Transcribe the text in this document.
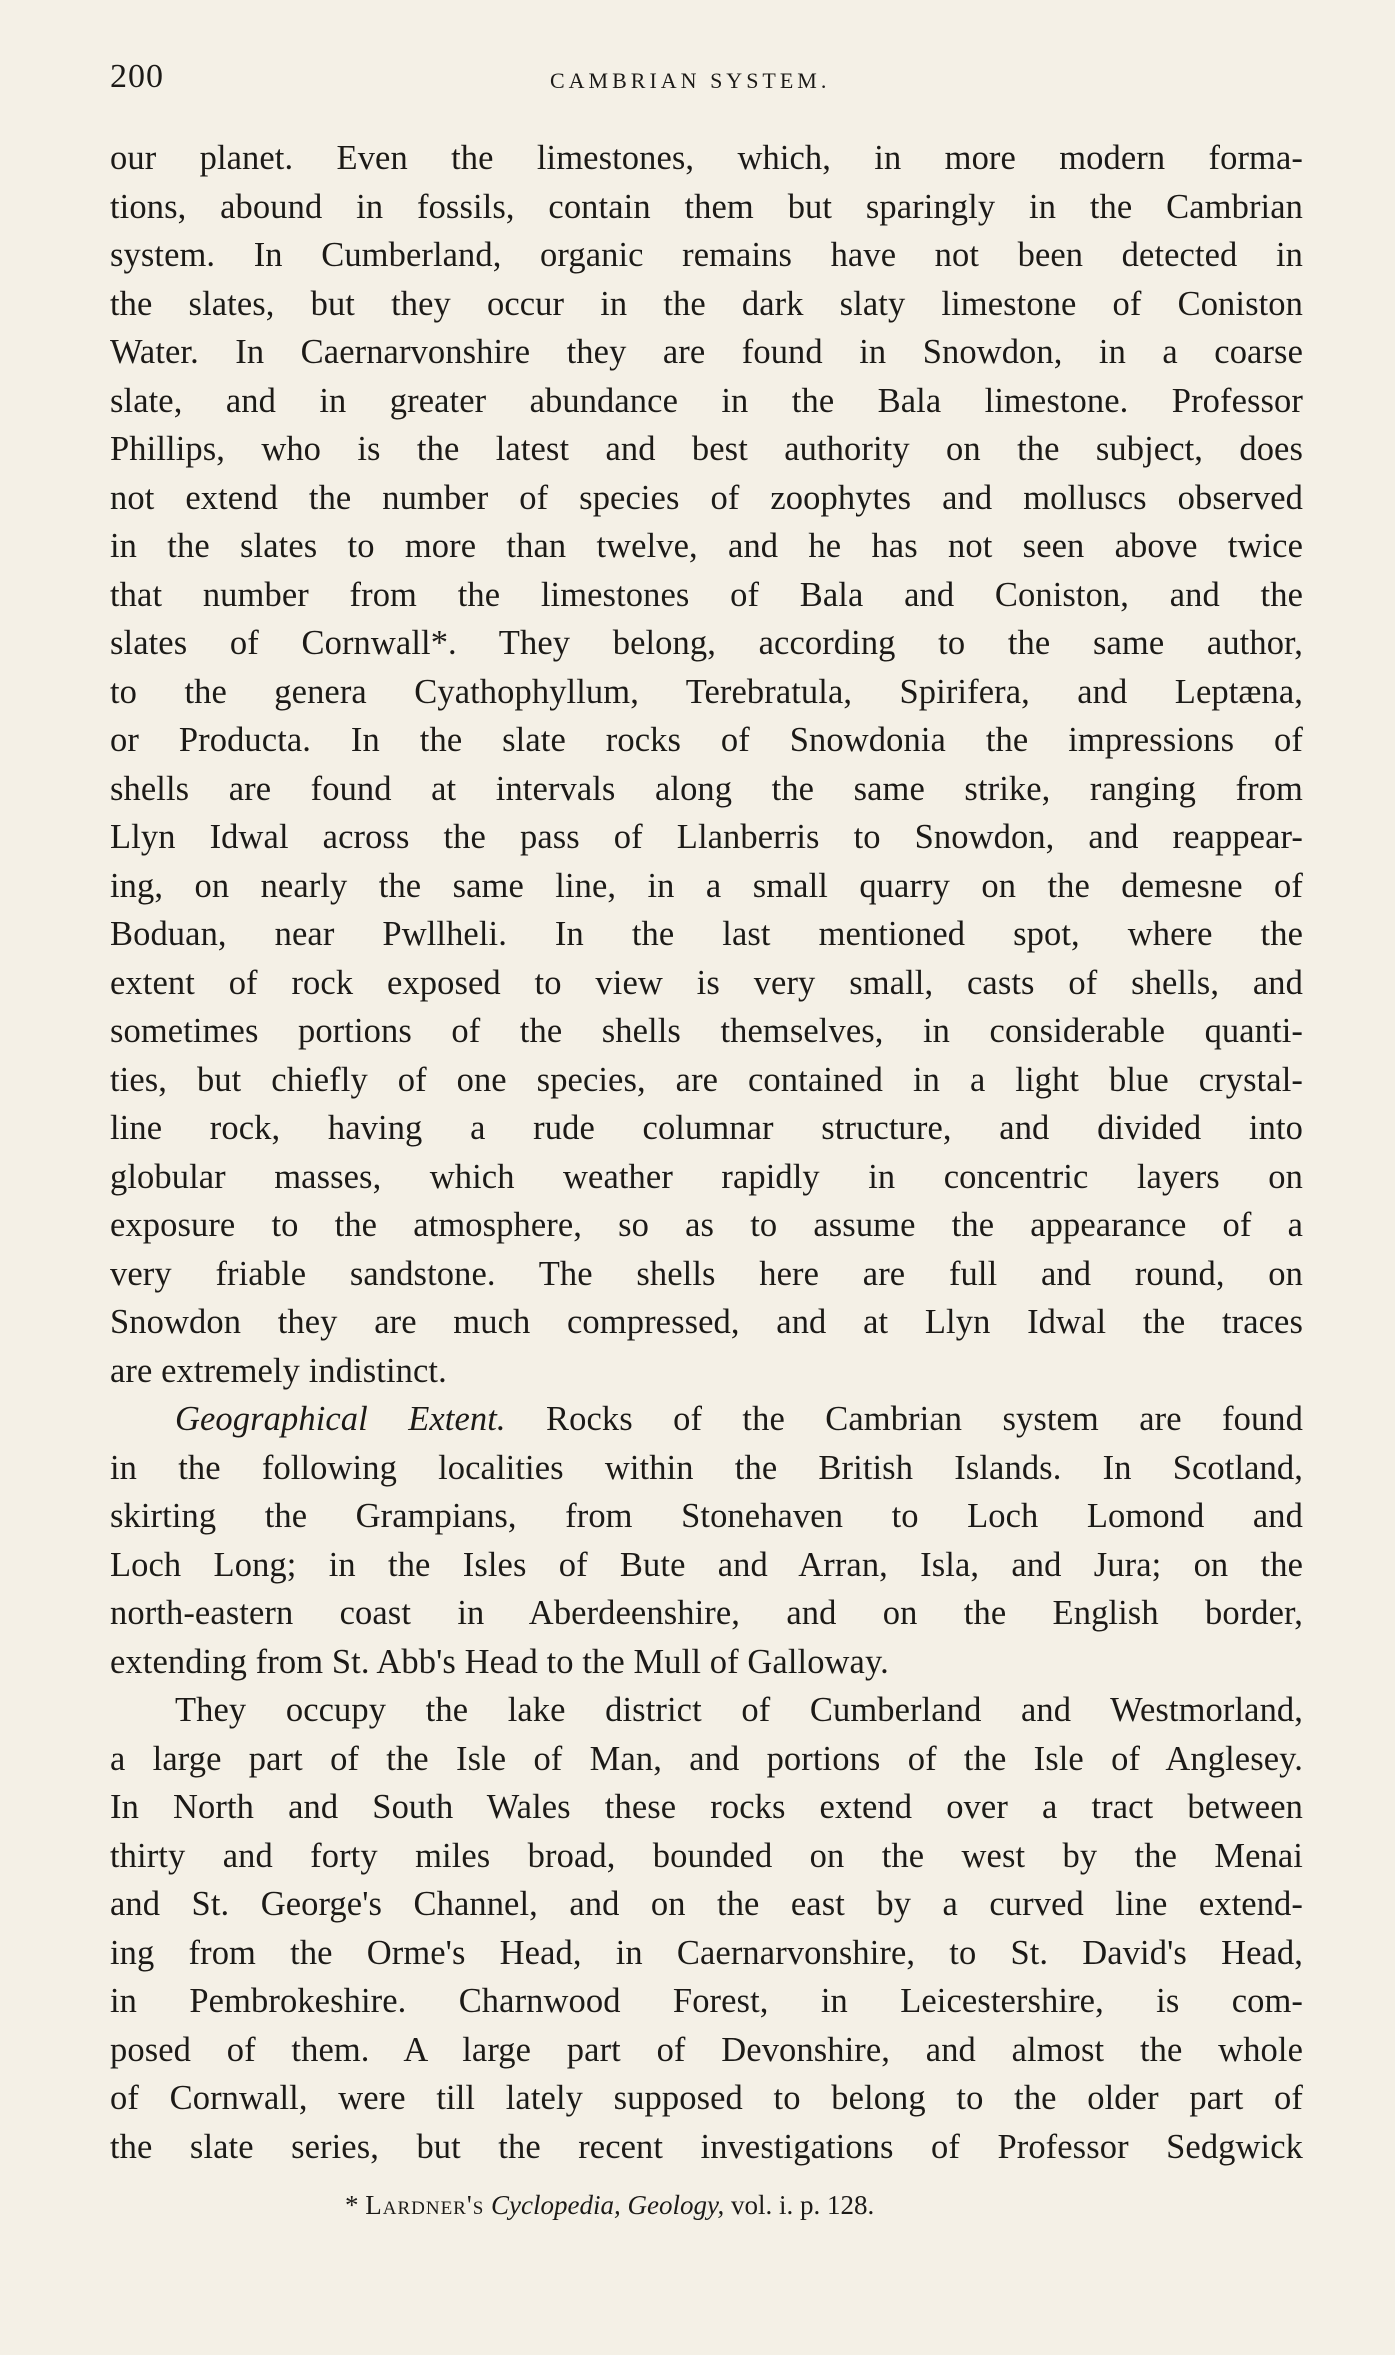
200	CAMBRIAN SYSTEM.
our planet. Even the limestones, which, in more modern forma-
tions, abound in fossils, contain them but sparingly in the Cambrian
system. In Cumberland, organic remains have not been detected in
the slates, but they occur in the dark slaty limestone of Coniston
Water. In Caernarvonshire they are found in Snowdon, in a coarse
slate, and in greater abundance in the Bala limestone. Professor
Phillips, who is the latest and best authority on the subject, does
not extend the number of species of zoophytes and molluscs observed
in the slates to more than twelve, and he has not seen above twice
that number from the limestones of Bala and Coniston, and the
slates of Cornwall*. They belong, according to the same author,
to the genera Cyathophyllum, Terebratula, Spirifera, and Leptæna,
or Producta. In the slate rocks of Snowdonia the impressions of
shells are found at intervals along the same strike, ranging from
Llyn Idwal across the pass of Llanberris to Snowdon, and reappear-
ing, on nearly the same line, in a small quarry on the demesne of
Boduan, near Pwllheli. In the last mentioned spot, where the
extent of rock exposed to view is very small, casts of shells, and
sometimes portions of the shells themselves, in considerable quanti-
ties, but chiefly of one species, are contained in a light blue crystal-
line rock, having a rude columnar structure, and divided into
globular masses, which weather rapidly in concentric layers on
exposure to the atmosphere, so as to assume the appearance of a
very friable sandstone. The shells here are full and round, on
Snowdon they are much compressed, and at Llyn Idwal the traces
are extremely indistinct.
Geographical Extent. Rocks of the Cambrian system are found
in the following localities within the British Islands. In Scotland,
skirting the Grampians, from Stonehaven to Loch Lomond and
Loch Long; in the Isles of Bute and Arran, Isla, and Jura; on the
north-eastern coast in Aberdeenshire, and on the English border,
extending from St. Abb's Head to the Mull of Galloway.
They occupy the lake district of Cumberland and Westmorland,
a large part of the Isle of Man, and portions of the Isle of Anglesey.
In North and South Wales these rocks extend over a tract between
thirty and forty miles broad, bounded on the west by the Menai
and St. George's Channel, and on the east by a curved line extend-
ing from the Orme's Head, in Caernarvonshire, to St. David's Head,
in Pembrokeshire. Charnwood Forest, in Leicestershire, is com-
posed of them. A large part of Devonshire, and almost the whole
of Cornwall, were till lately supposed to belong to the older part of
the slate series, but the recent investigations of Professor Sedgwick
* Lardner's Cyclopedia, Geology, vol. i. p. 128.
